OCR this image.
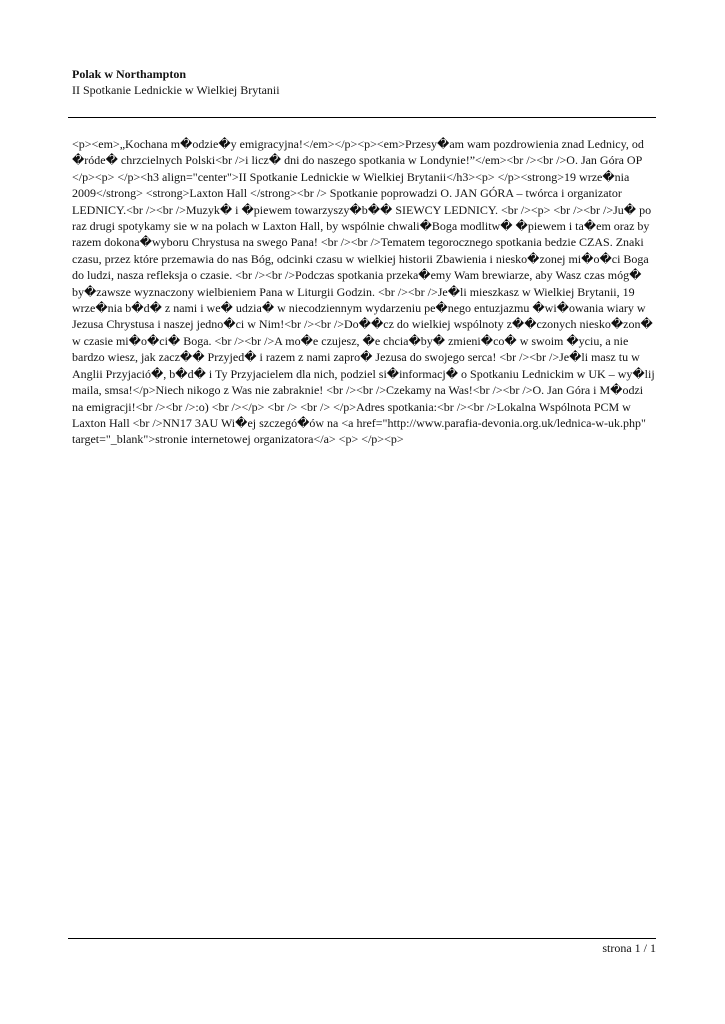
Polak w Northampton
II Spotkanie Lednickie w Wielkiej Brytanii
<p><em>„Kochana m�odzie�y emigracyjna!</em></p><p><em>Przesy�am wam pozdrowienia znad Lednicy, od �róde� chrzcielnych Polski<br />i licz� dni do naszego spotkania w Londynie!”</em><br /><br />O. Jan Góra OP </p><p> </p><h3 align="center">II Spotkanie Lednickie w Wielkiej Brytanii</h3><p> </p><strong>19 wrze�nia 2009</strong> <strong>Laxton Hall </strong><br /> Spotkanie poprowadzi O. JAN GÓRA – twórca i organizator LEDNICY.<br /><br />Muzyk� i �piewem towarzyszy�b�� SIEWCY LEDNICY. <br /><p> <br /><br />Ju� po raz drugi spotykamy sie w na polach w Laxton Hall, by wspólnie chwali�Boga modlitw� �piewem i ta�em oraz by razem dokona�wyboru Chrystusa na swego Pana! <br /><br />Tematem tegorocznego spotkania bedzie CZAS. Znaki czasu, przez które przemawia do nas Bóg, odcinki czasu w wielkiej historii Zbawienia i niesko�zonej mi�o�ci Boga do ludzi, nasza refleksja o czasie. <br /><br />Podczas spotkania przeka�emy Wam brewiarze, aby Wasz czas móg� by�zawsze wyznaczony wielbieniem Pana w Liturgii Godzin. <br /><br />Je�li mieszkasz w Wielkiej Brytanii, 19 wrze�nia b�d� z nami i we� udzia� w niecodziennym wydarzeniu pe�nego entuzjazmu �wi�owania wiary w Jezusa Chrystusa i naszej jedno�ci w Nim!<br /><br />Do��cz do wielkiej wspólnoty z��czonych niesko�zon� w czasie mi�o�ci� Boga. <br /><br />A mo�e czujesz, �e chcia�by� zmieni�co� w swoim �yciu, a nie bardzo wiesz, jak zacz�� Przyjed� i razem z nami zapro� Jezusa do swojego serca! <br /><br />Je�li masz tu w Anglii Przyjació�, b�d� i Ty Przyjacielem dla nich, podziel si�informacj� o Spotkaniu Lednickim w UK – wy�lij maila, smsa!</p>Niech nikogo z Was nie zabraknie! <br /><br />Czekamy na Was!<br /><br />O. Jan Góra i M�odzi na emigracji!<br /><br />:o) <br /></p> <br /> <br /> </p>Adres spotkania:<br /><br />Lokalna Wspólnota PCM w Laxton Hall <br />NN17 3AU Wi�ej szczegó�ów na <a href="http://www.parafia-devonia.org.uk/lednica-w-uk.php" target="_blank">stronie internetowej organizatora</a> <p> </p><p>
strona 1 / 1
